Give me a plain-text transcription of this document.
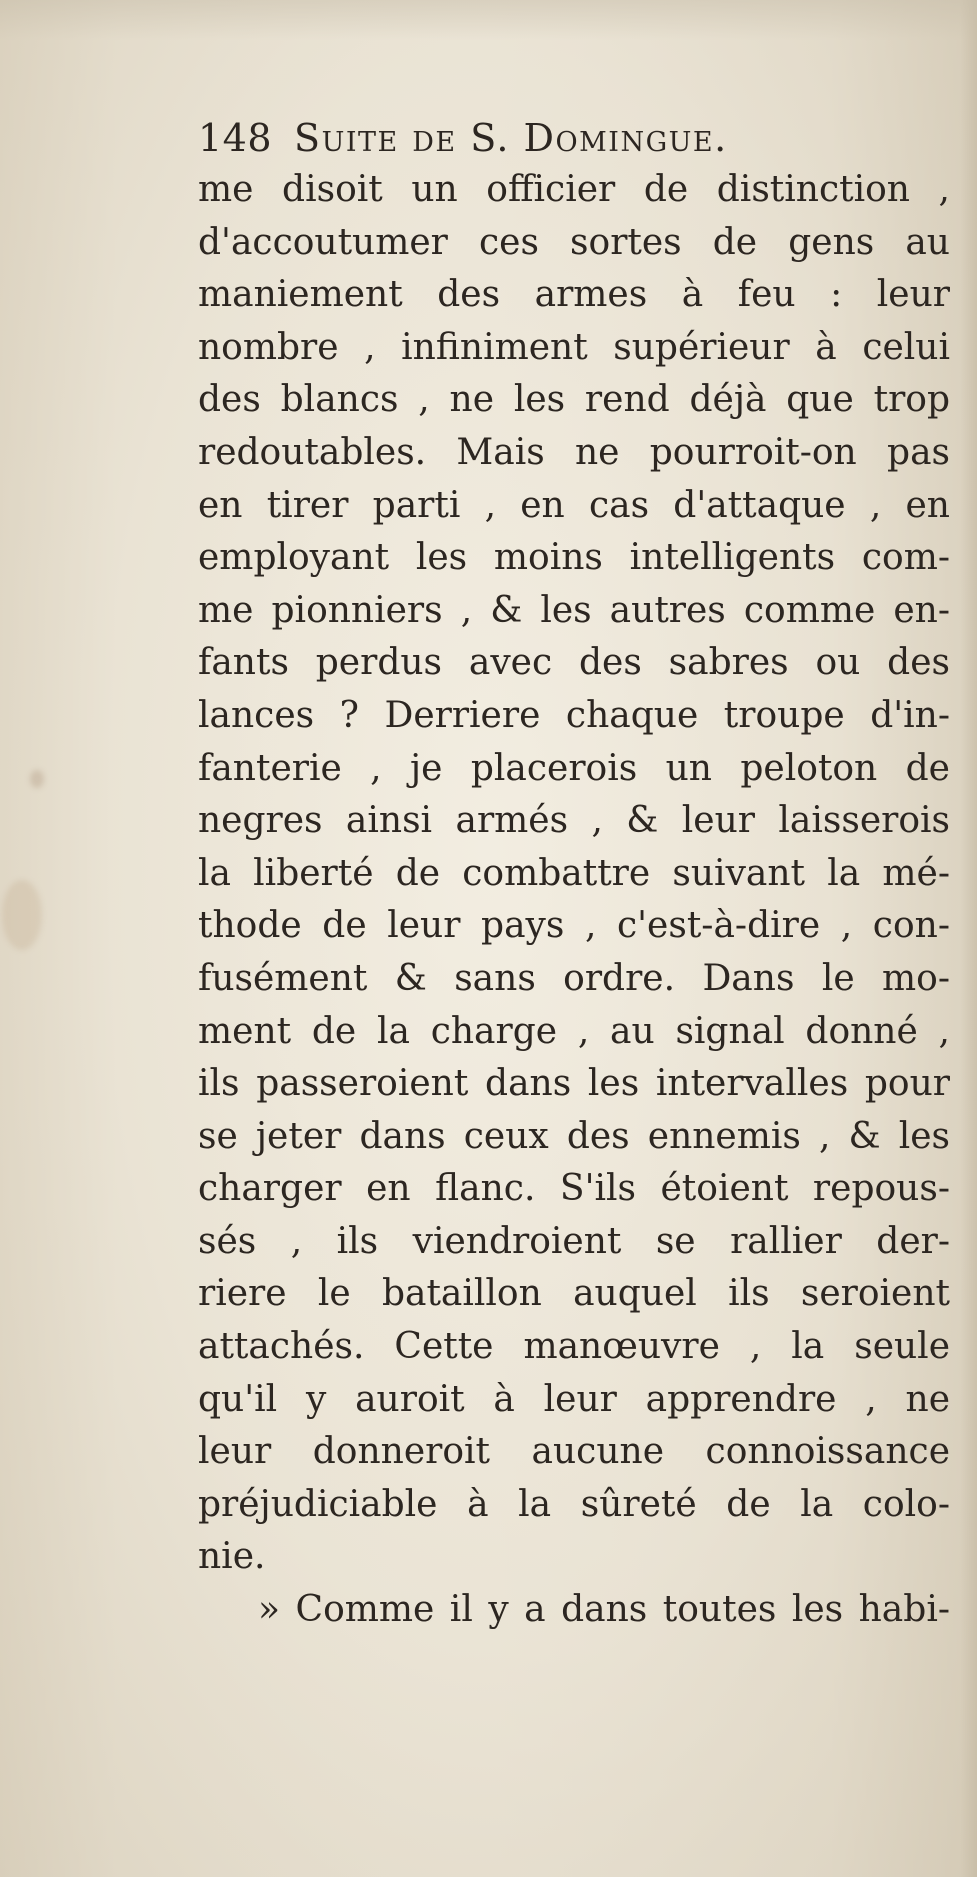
148 Suite de S. Domingue.
me disoit un officier de distinction ,
d'accoutumer ces sortes de gens au
maniement des armes à feu : leur
nombre , infiniment supérieur à celui
des blancs , ne les rend déjà que trop
redoutables. Mais ne pourroit-on pas
en tirer parti , en cas d'attaque , en
employant les moins intelligents com-
me pionniers , & les autres comme en-
fants perdus avec des sabres ou des
lances ? Derriere chaque troupe d'in-
fanterie , je placerois un peloton de
negres ainsi armés , & leur laisserois
la liberté de combattre suivant la mé-
thode de leur pays , c'est-à-dire , con-
fusément & sans ordre. Dans le mo-
ment de la charge , au signal donné ,
ils passeroient dans les intervalles pour
se jeter dans ceux des ennemis , & les
charger en flanc. S'ils étoient repous-
sés , ils viendroient se rallier der-
riere le bataillon auquel ils seroient
attachés. Cette manœuvre , la seule
qu'il y auroit à leur apprendre , ne
leur donneroit aucune connoissance
préjudiciable à la sûreté de la colo-
nie.
» Comme il y a dans toutes les habi-
